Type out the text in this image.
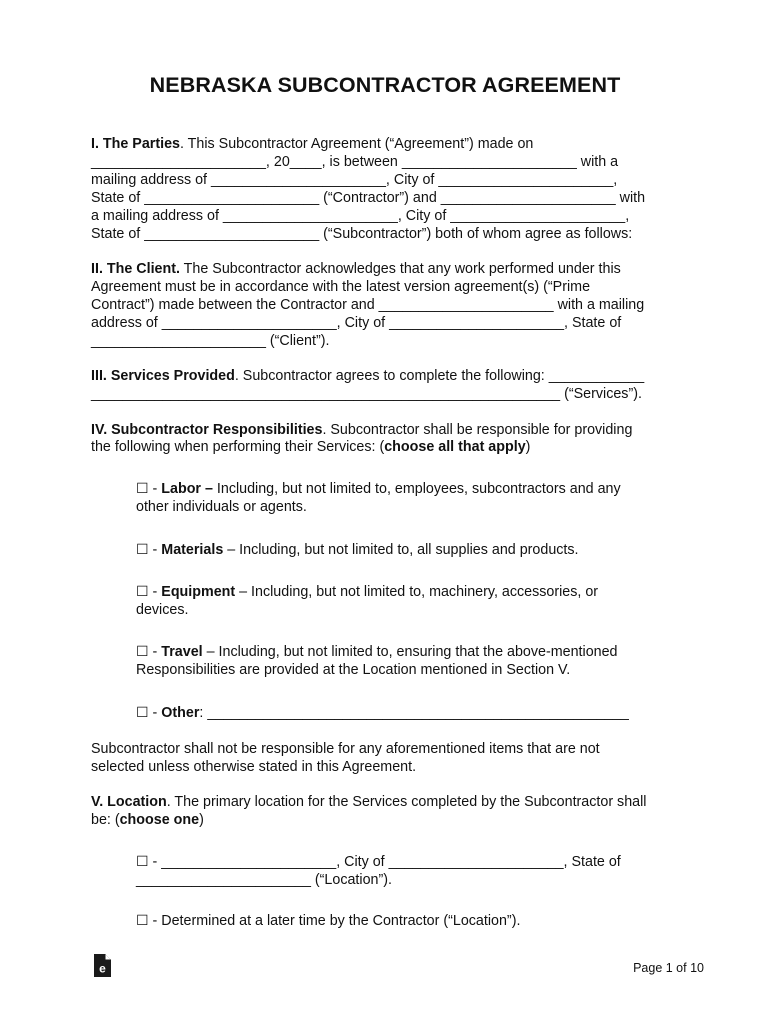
NEBRASKA SUBCONTRACTOR AGREEMENT
I. The Parties. This Subcontractor Agreement (“Agreement”) made on
______________________, 20____, is between ______________________ with a
mailing address of ______________________, City of ______________________,
State of ______________________ (“Contractor”) and ______________________ with
a mailing address of ______________________, City of ______________________,
State of ______________________ (“Subcontractor”) both of whom agree as follows:
II. The Client. The Subcontractor acknowledges that any work performed under this
Agreement must be in accordance with the latest version agreement(s) (“Prime
Contract”) made between the Contractor and ______________________ with a mailing
address of ______________________, City of ______________________, State of
______________________ (“Client”).
III. Services Provided. Subcontractor agrees to complete the following: ____________
___________________________________________________________ (“Services”).
IV. Subcontractor Responsibilities. Subcontractor shall be responsible for providing
the following when performing their Services: (choose all that apply)
☐ - Labor – Including, but not limited to, employees, subcontractors and any
other individuals or agents.
☐ - Materials – Including, but not limited to, all supplies and products.
☐ - Equipment – Including, but not limited to, machinery, accessories, or
devices.
☐ - Travel – Including, but not limited to, ensuring that the above-mentioned
Responsibilities are provided at the Location mentioned in Section V.
☐ - Other: _____________________________________________________
Subcontractor shall not be responsible for any aforementioned items that are not
selected unless otherwise stated in this Agreement.
V. Location. The primary location for the Services completed by the Subcontractor shall
be: (choose one)
☐ - ______________________, City of ______________________, State of
______________________ (“Location”).
☐ - Determined at a later time by the Contractor (“Location”).
e	Page 1 of 10
